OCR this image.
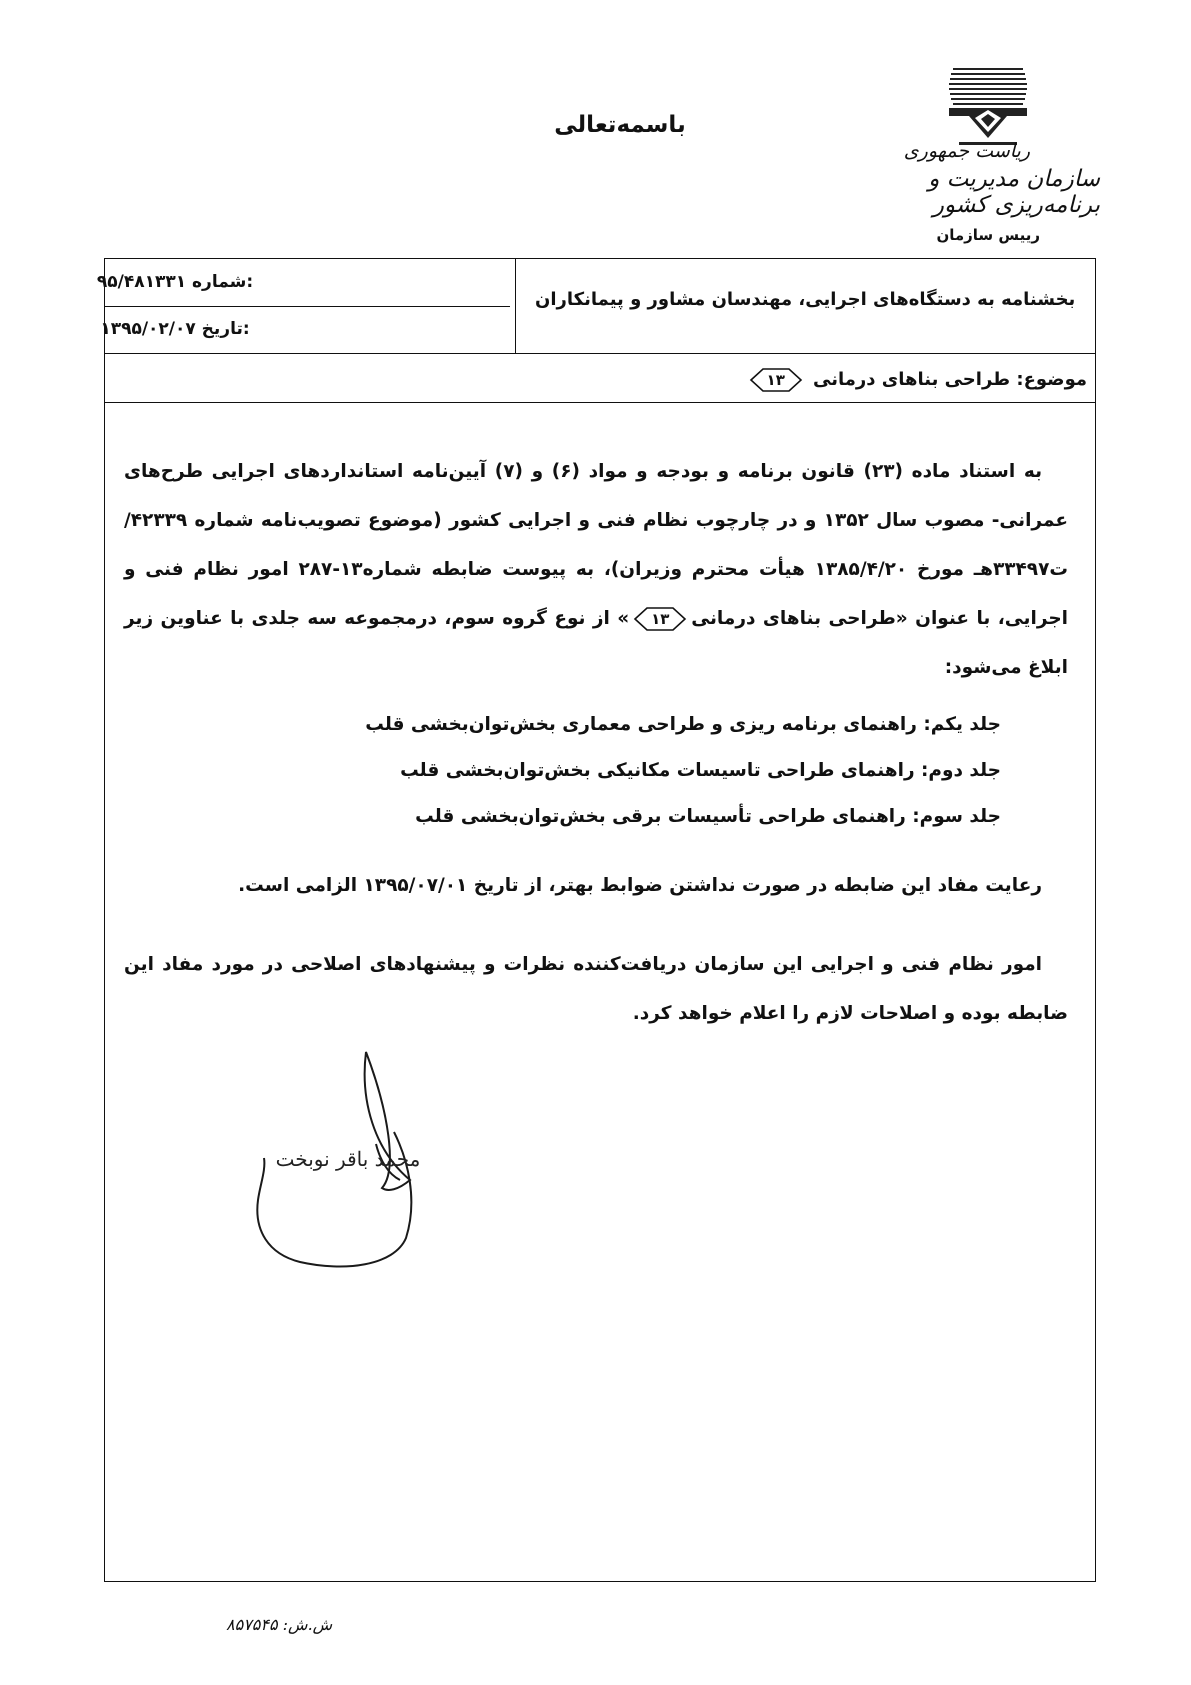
باسمه‌تعالی
ریاست جمهوری
سازمان مدیریت و برنامه‌ریزی کشور
رییس سازمان
بخشنامه به دستگاه‌های اجرایی، مهندسان مشاور و پیمانکاران
۹۵/۴۸۱۳۳۱ شماره:
۱۳۹۵/۰۲/۰۷ تاریخ:
موضوع: طراحی بناهای درمانی
۱۳
به استناد ماده (۲۳) قانون برنامه و بودجه و مواد (۶) و (۷) آیین‌نامه استانداردهای اجرایی طرح‌های عمرانی- مصوب سال ۱۳۵۲ و در چارچوب نظام فنی و اجرایی کشور (موضوع تصویب‌نامه شماره ۴۲۳۳۹/ت۳۳۴۹۷هـ مورخ ۱۳۸۵/۴/۲۰ هیأت محترم وزیران)، به پیوست ضابطه شماره۱۳-۲۸۷ امور نظام فنی و اجرایی، با عنوان «طراحی بناهای درمانی
۱۳
» از نوع گروه سوم، درمجموعه سه جلدی با عناوین زیر ابلاغ می‌شود:
جلد یکم: راهنمای برنامه ریزی و طراحی معماری بخش‌توان‌بخشی قلب
جلد دوم: راهنمای طراحی تاسیسات مکانیکی بخش‌توان‌بخشی قلب
جلد سوم: راهنمای طراحی تأسیسات برقی بخش‌توان‌بخشی قلب
رعایت مفاد این ضابطه در صورت نداشتن ضوابط بهتر، از تاریخ ۱۳۹۵/۰۷/۰۱ الزامی است.
امور نظام فنی و اجرایی این سازمان دریافت‌کننده نظرات و پیشنهادهای اصلاحی در مورد مفاد این ضابطه بوده و اصلاحات لازم را اعلام خواهد کرد.
محمد باقر نوبخت
ش.ش: ۸۵۷۵۴۵
